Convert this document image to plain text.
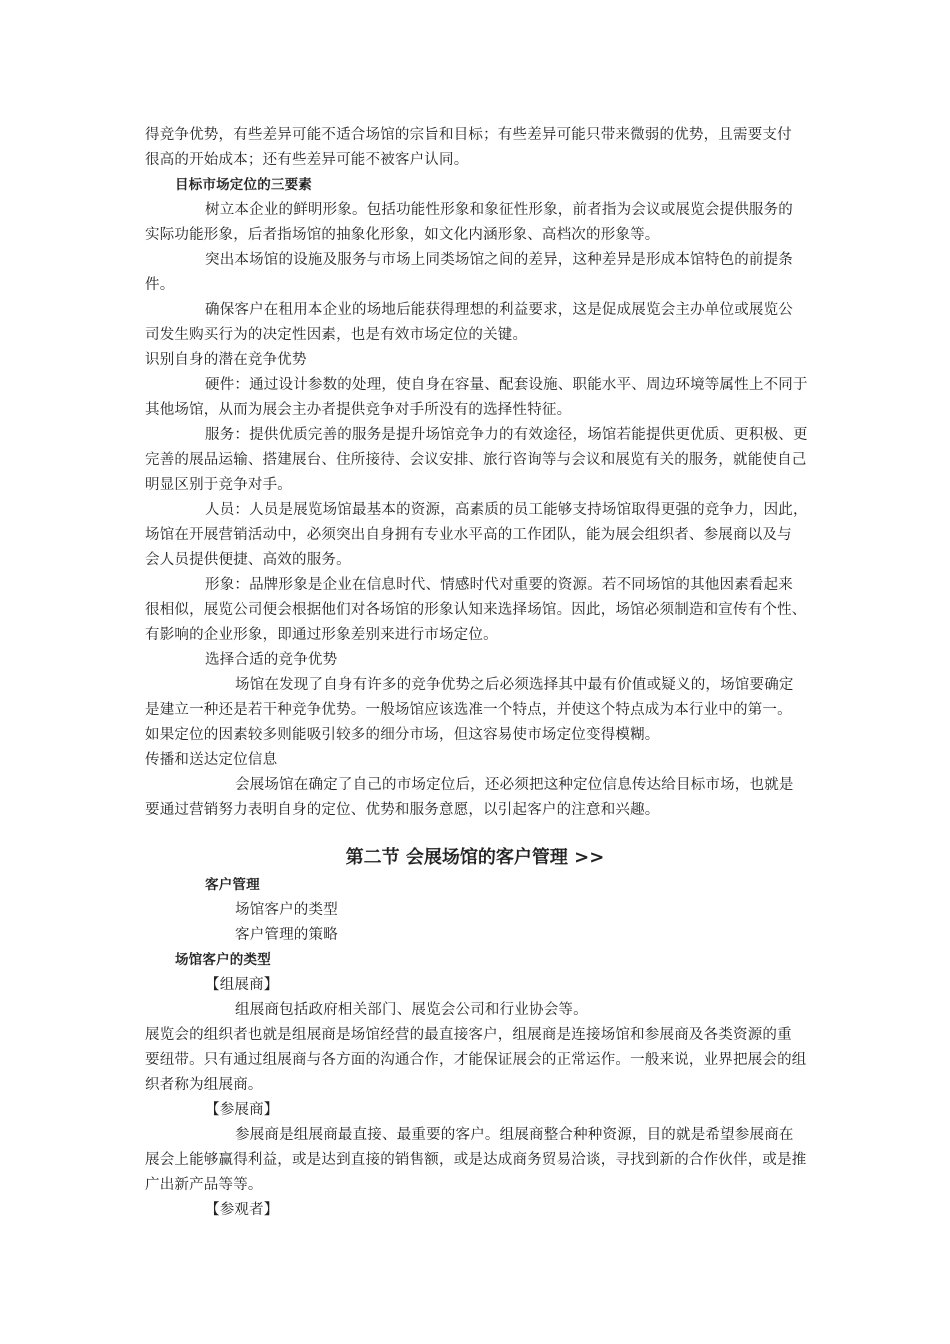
得竞争优势，有些差异可能不适合场馆的宗旨和目标；有些差异可能只带来微弱的优势，且需要支付
很高的开始成本；还有些差异可能不被客户认同。
目标市场定位的三要素
树立本企业的鲜明形象。包括功能性形象和象征性形象，前者指为会议或展览会提供服务的
实际功能形象，后者指场馆的抽象化形象，如文化内涵形象、高档次的形象等。
突出本场馆的设施及服务与市场上同类场馆之间的差异，这种差异是形成本馆特色的前提条
件。
确保客户在租用本企业的场地后能获得理想的利益要求，这是促成展览会主办单位或展览公
司发生购买行为的决定性因素，也是有效市场定位的关键。
识别自身的潜在竞争优势
硬件：通过设计参数的处理，使自身在容量、配套设施、职能水平、周边环境等属性上不同于
其他场馆，从而为展会主办者提供竞争对手所没有的选择性特征。
服务：提供优质完善的服务是提升场馆竞争力的有效途径，场馆若能提供更优质、更积极、更
完善的展品运输、搭建展台、住所接待、会议安排、旅行咨询等与会议和展览有关的服务，就能使自己
明显区别于竞争对手。
人员：人员是展览场馆最基本的资源，高素质的员工能够支持场馆取得更强的竞争力，因此，
场馆在开展营销活动中，必须突出自身拥有专业水平高的工作团队，能为展会组织者、参展商以及与
会人员提供便捷、高效的服务。
形象：品牌形象是企业在信息时代、情感时代对重要的资源。若不同场馆的其他因素看起来
很相似，展览公司便会根据他们对各场馆的形象认知来选择场馆。因此，场馆必须制造和宣传有个性、
有影响的企业形象，即通过形象差别来进行市场定位。
选择合适的竞争优势
场馆在发现了自身有许多的竞争优势之后必须选择其中最有价值或疑义的，场馆要确定
是建立一种还是若干种竞争优势。一般场馆应该选准一个特点，并使这个特点成为本行业中的第一。
如果定位的因素较多则能吸引较多的细分市场，但这容易使市场定位变得模糊。
传播和送达定位信息
会展场馆在确定了自己的市场定位后，还必须把这种定位信息传达给目标市场，也就是
要通过营销努力表明自身的定位、优势和服务意愿，以引起客户的注意和兴趣。
第二节 会展场馆的客户管理 >>
客户管理
场馆客户的类型
客户管理的策略
场馆客户的类型
【组展商】
组展商包括政府相关部门、展览会公司和行业协会等。
展览会的组织者也就是组展商是场馆经营的最直接客户，组展商是连接场馆和参展商及各类资源的重
要纽带。只有通过组展商与各方面的沟通合作，才能保证展会的正常运作。一般来说，业界把展会的组
织者称为组展商。
【参展商】
参展商是组展商最直接、最重要的客户。组展商整合种种资源，目的就是希望参展商在
展会上能够赢得利益，或是达到直接的销售额，或是达成商务贸易洽谈，寻找到新的合作伙伴，或是推
广出新产品等等。
【参观者】
